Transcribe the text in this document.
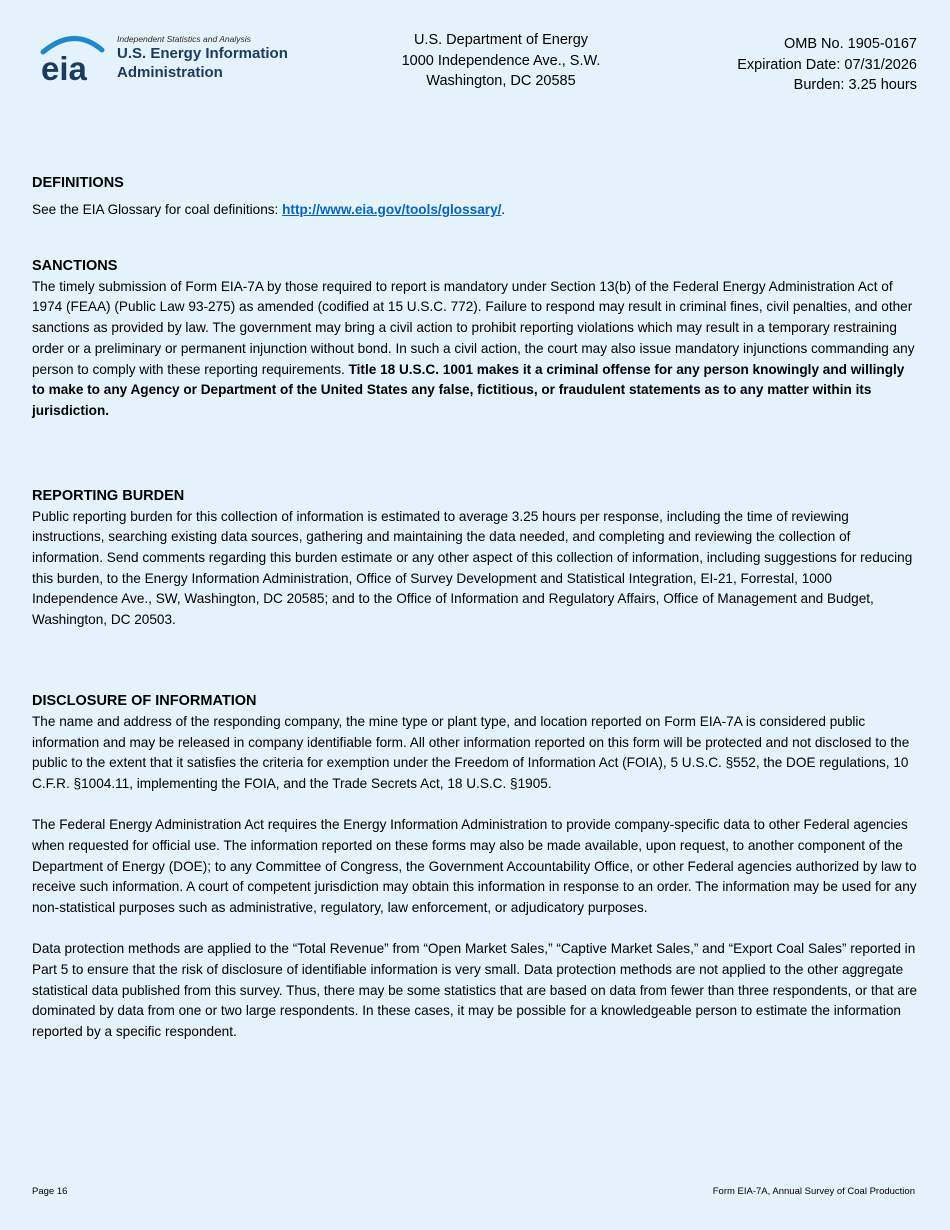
eia
Independent Statistics and Analysis
U.S. Energy Information
Administration
U.S. Department of Energy
1000 Independence Ave., S.W.
Washington, DC 20585
OMB No. 1905-0167
Expiration Date: 07/31/2026
Burden: 3.25 hours
DEFINITIONS

See the EIA Glossary for coal definitions: http://www.eia.gov/tools/glossary/.

SANCTIONS

The timely submission of Form EIA-7A by those required to report is mandatory under Section 13(b) of the Federal Energy Administration Act of 1974 (FEAA) (Public Law 93-275) as amended (codified at 15 U.S.C. 772). Failure to respond may result in criminal fines, civil penalties, and other sanctions as provided by law. The government may bring a civil action to prohibit reporting violations which may result in a temporary restraining order or a preliminary or permanent injunction without bond. In such a civil action, the court may also issue mandatory injunctions commanding any person to comply with these reporting requirements. Title 18 U.S.C. 1001 makes it a criminal offense for any person knowingly and willingly to make to any Agency or Department of the United States any false, fictitious, or fraudulent statements as to any matter within its jurisdiction.

REPORTING BURDEN

Public reporting burden for this collection of information is estimated to average 3.25 hours per response, including the time of reviewing instructions, searching existing data sources, gathering and maintaining the data needed, and completing and reviewing the collection of information. Send comments regarding this burden estimate or any other aspect of this collection of information, including suggestions for reducing this burden, to the Energy Information Administration, Office of Survey Development and Statistical Integration, EI-21, Forrestal, 1000 Independence Ave., SW, Washington, DC 20585; and to the Office of Information and Regulatory Affairs, Office of Management and Budget, Washington, DC 20503.

DISCLOSURE OF INFORMATION

The name and address of the responding company, the mine type or plant type, and location reported on Form EIA-7A is considered public information and may be released in company identifiable form. All other information reported on this form will be protected and not disclosed to the public to the extent that it satisfies the criteria for exemption under the Freedom of Information Act (FOIA), 5 U.S.C. §552, the DOE regulations, 10 C.F.R. §1004.11, implementing the FOIA, and the Trade Secrets Act, 18 U.S.C. §1905.

The Federal Energy Administration Act requires the Energy Information Administration to provide company-specific data to other Federal agencies when requested for official use. The information reported on these forms may also be made available, upon request, to another component of the Department of Energy (DOE); to any Committee of Congress, the Government Accountability Office, or other Federal agencies authorized by law to receive such information. A court of competent jurisdiction may obtain this information in response to an order. The information may be used for any non-statistical purposes such as administrative, regulatory, law enforcement, or adjudicatory purposes.

Data protection methods are applied to the “Total Revenue” from “Open Market Sales,” “Captive Market Sales,” and “Export Coal Sales” reported in Part 5 to ensure that the risk of disclosure of identifiable information is very small. Data protection methods are not applied to the other aggregate statistical data published from this survey. Thus, there may be some statistics that are based on data from fewer than three respondents, or that are dominated by data from one or two large respondents. In these cases, it may be possible for a knowledgeable person to estimate the information reported by a specific respondent.

Page 16	Form EIA-7A, Annual Survey of Coal Production
